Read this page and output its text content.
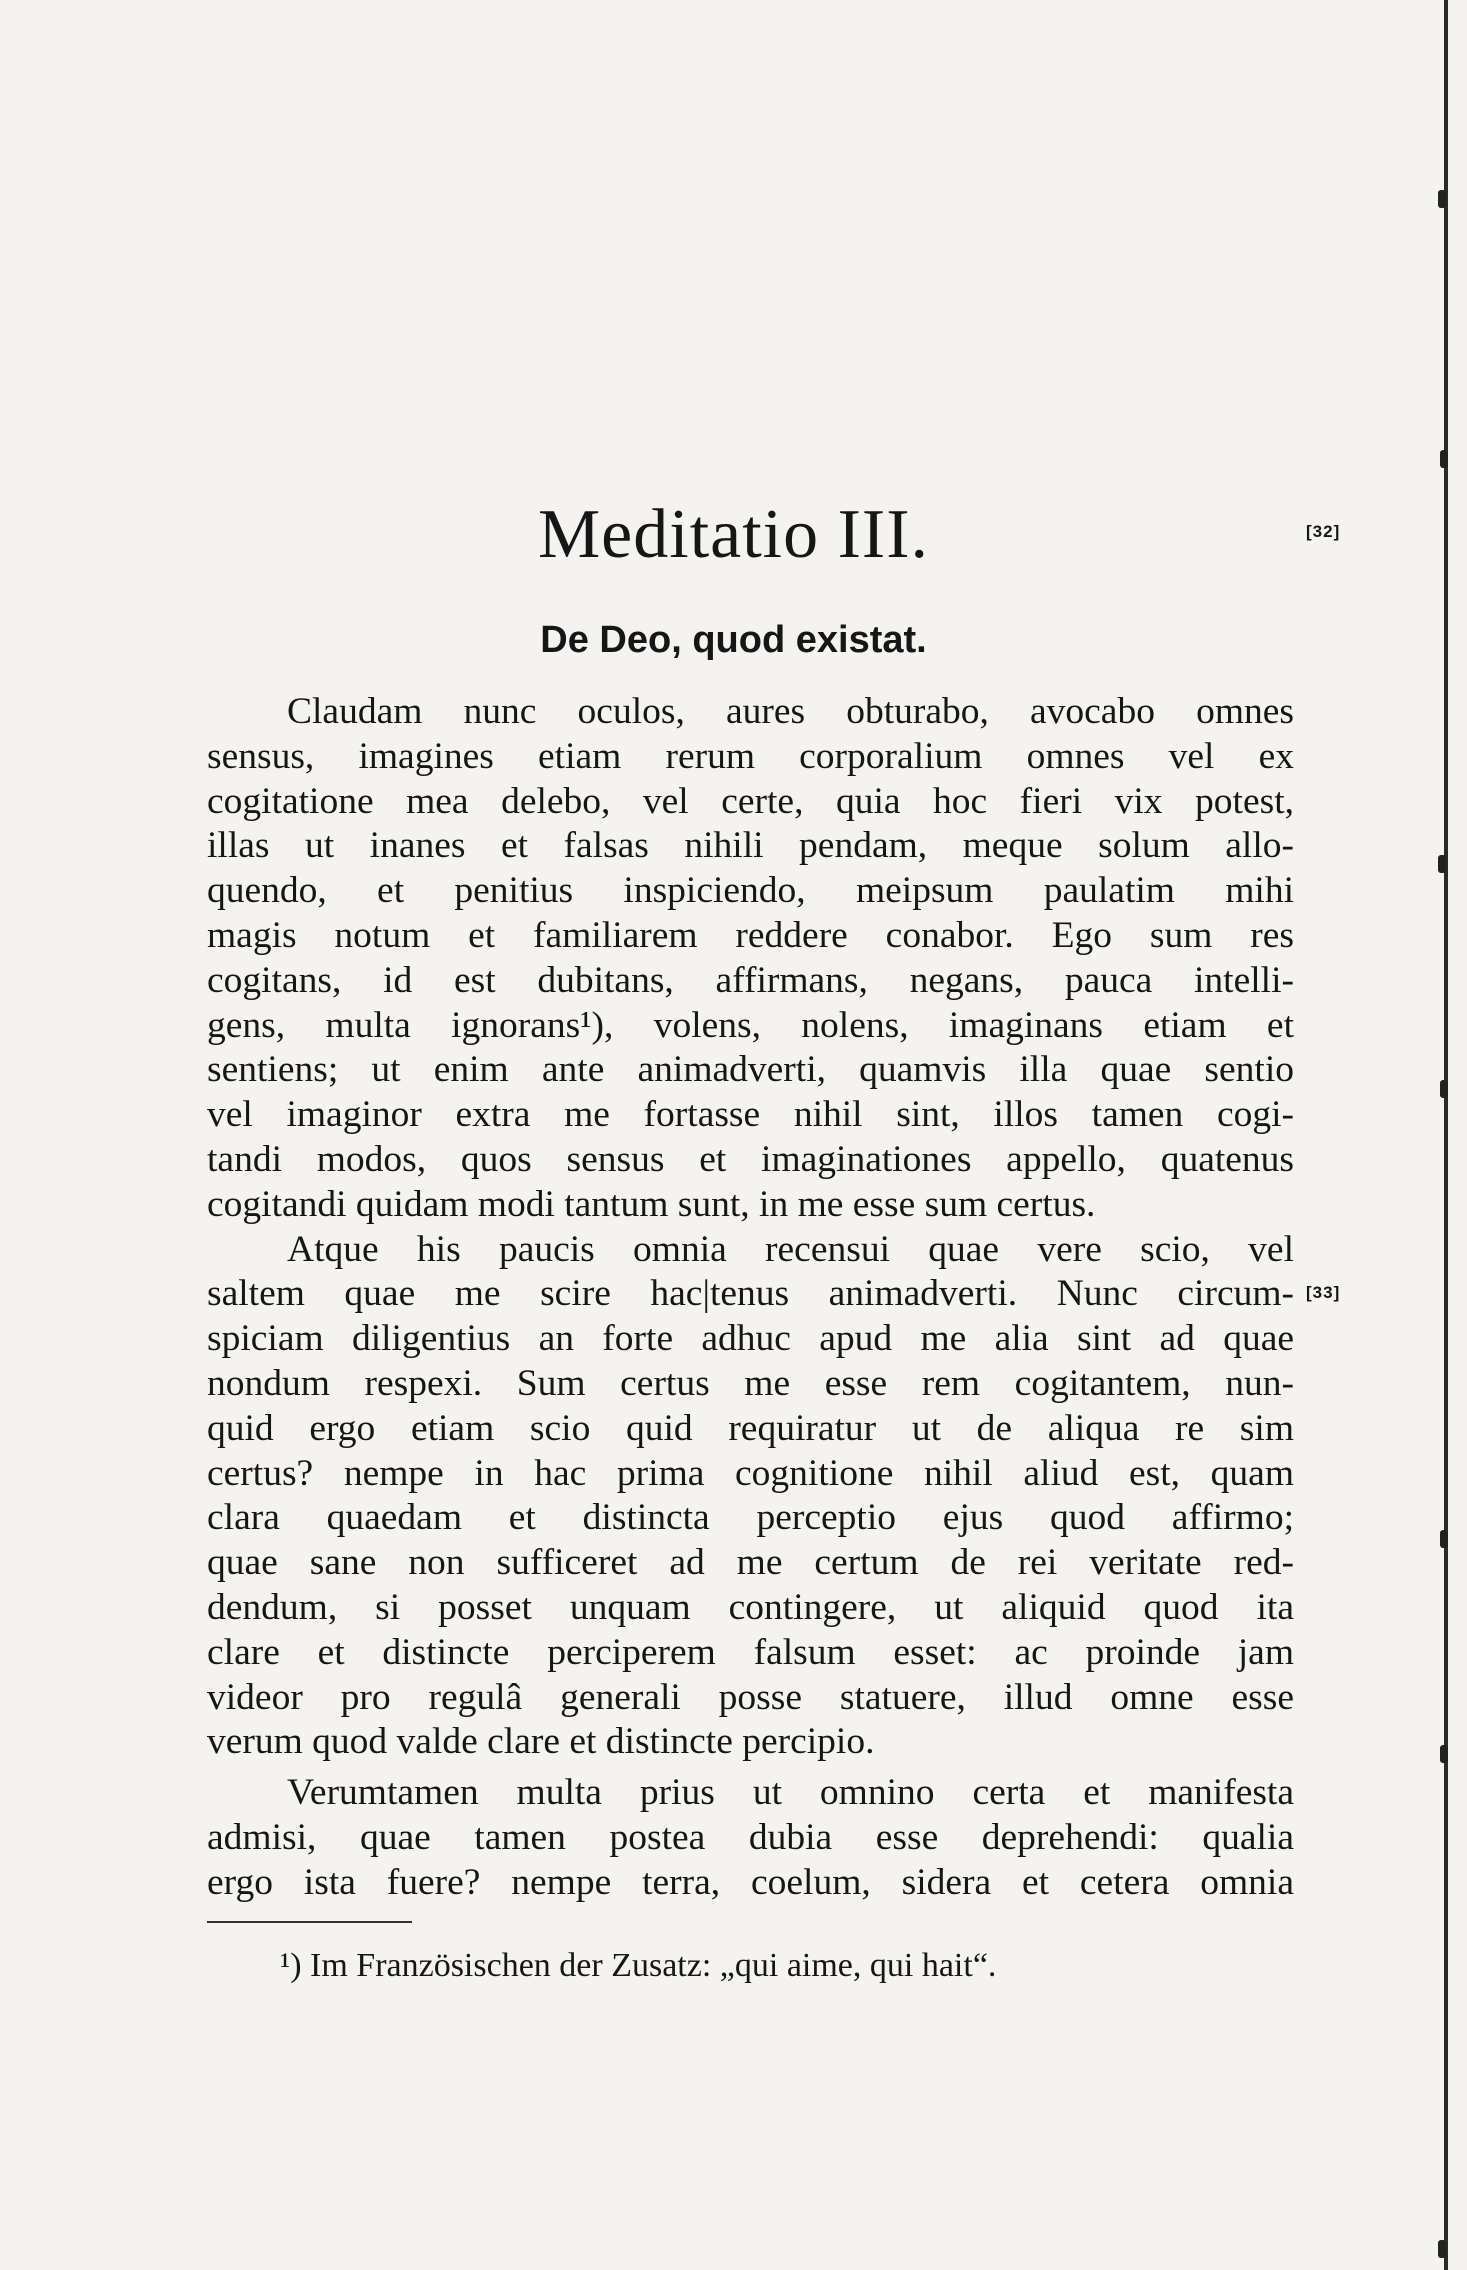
Meditatio III.	[32]
De Deo, quod existat.
Claudam nunc oculos, aures obturabo, avocabo omnes
sensus, imagines etiam rerum corporalium omnes vel ex
cogitatione mea delebo, vel certe, quia hoc fieri vix potest,
illas ut inanes et falsas nihili pendam, meque solum allo-
quendo, et penitius inspiciendo, meipsum paulatim mihi
magis notum et familiarem reddere conabor. Ego sum res
cogitans, id est dubitans, affirmans, negans, pauca intelli-
gens, multa ignorans¹), volens, nolens, imaginans etiam et
sentiens; ut enim ante animadverti, quamvis illa quae sentio
vel imaginor extra me fortasse nihil sint, illos tamen cogi-
tandi modos, quos sensus et imaginationes appello, quatenus
cogitandi quidam modi tantum sunt, in me esse sum certus.
Atque his paucis omnia recensui quae vere scio, vel
saltem quae me scire hac|tenus animadverti. Nunc circum-
spiciam diligentius an forte adhuc apud me alia sint ad quae
nondum respexi. Sum certus me esse rem cogitantem, nun-
quid ergo etiam scio quid requiratur ut de aliqua re sim
certus? nempe in hac prima cognitione nihil aliud est, quam
clara quaedam et distincta perceptio ejus quod affirmo;
quae sane non sufficeret ad me certum de rei veritate red-
dendum, si posset unquam contingere, ut aliquid quod ita
clare et distincte perciperem falsum esset: ac proinde jam
videor pro regulâ generali posse statuere, illud omne esse
verum quod valde clare et distincte percipio.
Verumtamen multa prius ut omnino certa et manifesta
admisi, quae tamen postea dubia esse deprehendi: qualia
ergo ista fuere? nempe terra, coelum, sidera et cetera omnia
[33]
¹) Im Französischen der Zusatz: „qui aime, qui hait“.
